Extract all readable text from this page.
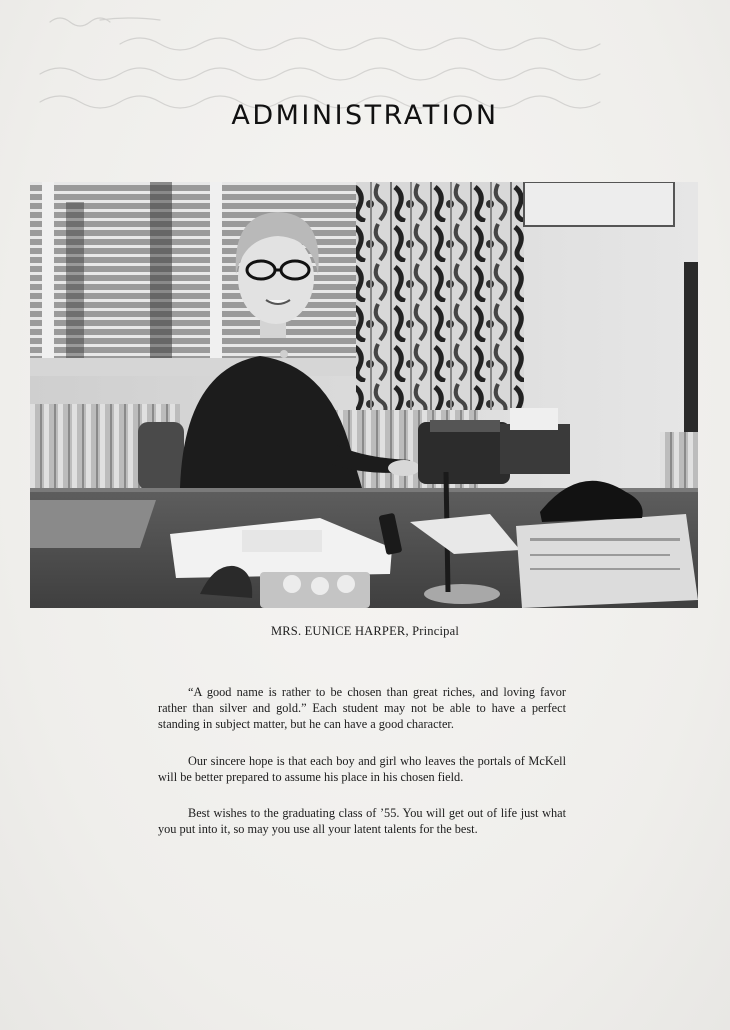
ADMINISTRATION
MRS. EUNICE HARPER, Principal

“A good name is rather to be chosen than great riches, and loving favor rather than silver and gold.” Each student may not be able to have a perfect standing in subject matter, but he can have a good character.

Our sincere hope is that each boy and girl who leaves the portals of McKell will be better prepared to assume his place in his chosen field.

Best wishes to the graduating class of ’55. You will get out of life just what you put into it, so may you use all your latent talents for the best.
